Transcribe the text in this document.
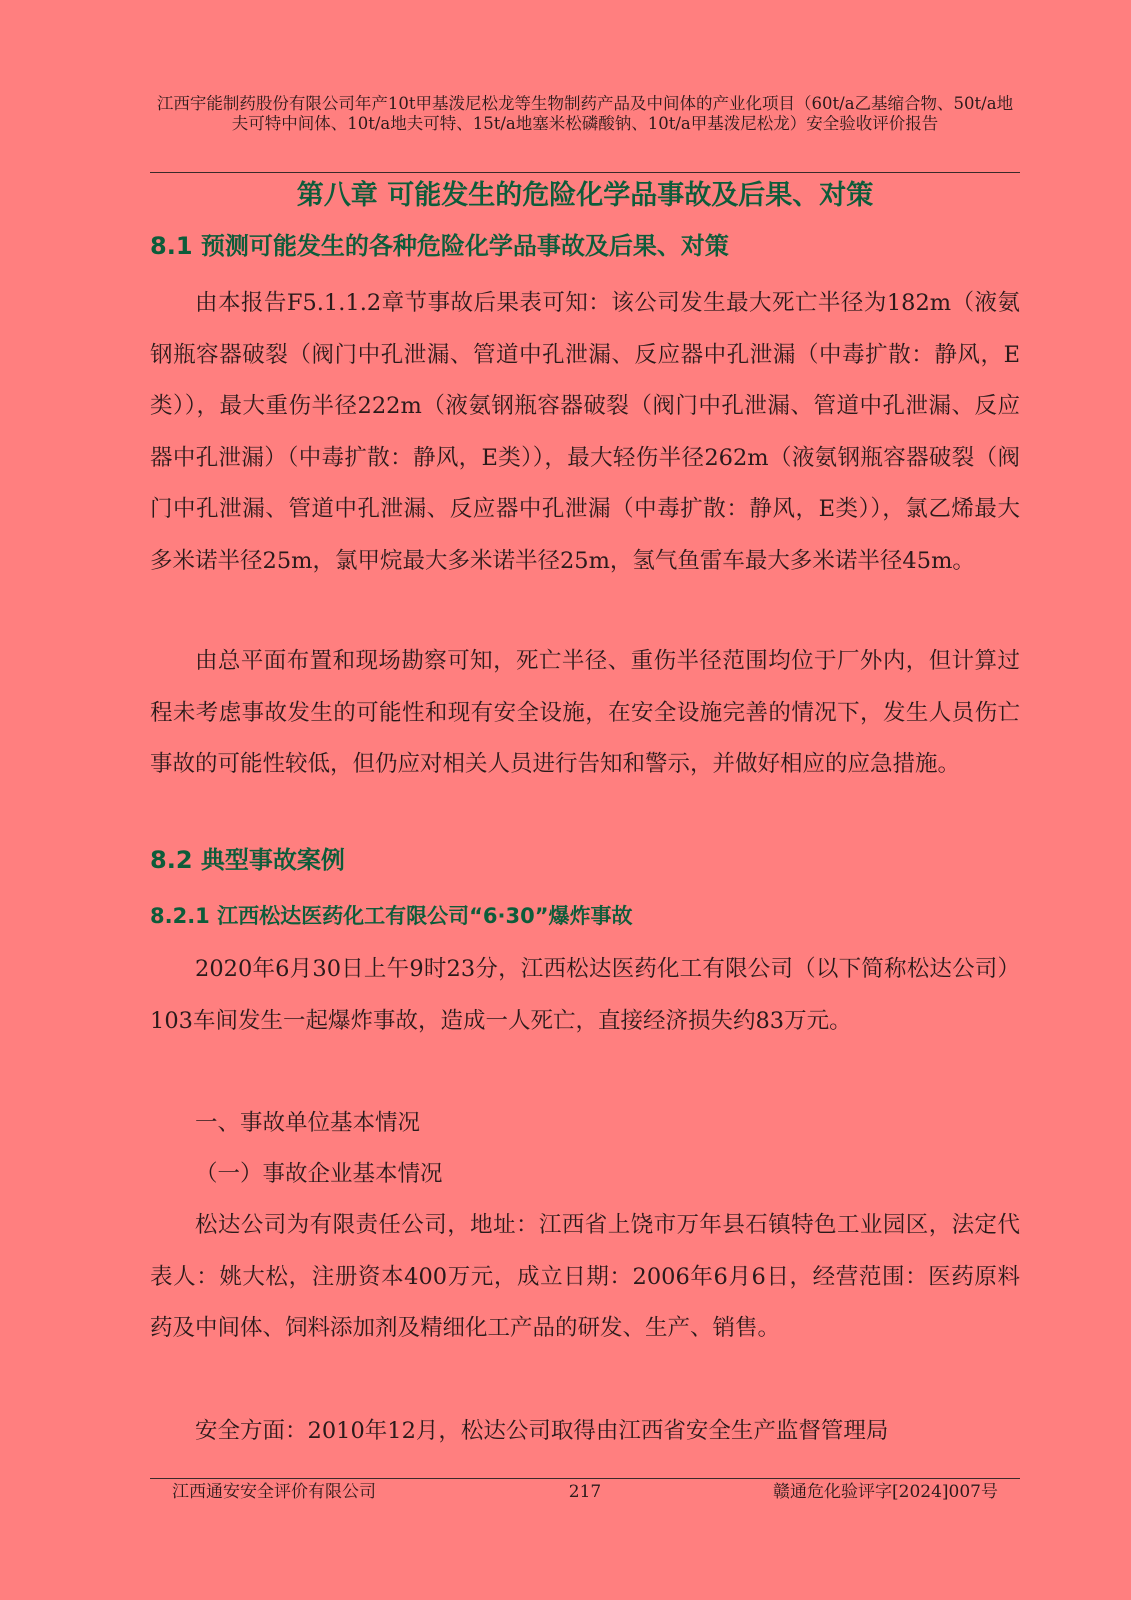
江西宇能制药股份有限公司年产10t甲基泼尼松龙等生物制药产品及中间体的产业化项目（60t/a乙基缩合物、50t/a地夫可特中间体、10t/a地夫可特、15t/a地塞米松磷酸钠、10t/a甲基泼尼松龙）安全验收评价报告
第八章 可能发生的危险化学品事故及后果、对策
8.1 预测可能发生的各种危险化学品事故及后果、对策
由本报告F5.1.1.2章节事故后果表可知：该公司发生最大死亡半径为182m（液氨钢瓶容器破裂（阀门中孔泄漏、管道中孔泄漏、反应器中孔泄漏（中毒扩散：静风，E类）），最大重伤半径222m（液氨钢瓶容器破裂（阀门中孔泄漏、管道中孔泄漏、反应器中孔泄漏）（中毒扩散：静风，E类）），最大轻伤半径262m（液氨钢瓶容器破裂（阀门中孔泄漏、管道中孔泄漏、反应器中孔泄漏（中毒扩散：静风，E类）），氯乙烯最大多米诺半径25m，氯甲烷最大多米诺半径25m，氢气鱼雷车最大多米诺半径45m。
由总平面布置和现场勘察可知，死亡半径、重伤半径范围均位于厂外内，但计算过程未考虑事故发生的可能性和现有安全设施，在安全设施完善的情况下，发生人员伤亡事故的可能性较低，但仍应对相关人员进行告知和警示，并做好相应的应急措施。
8.2 典型事故案例
8.2.1 江西松达医药化工有限公司“6·30”爆炸事故
2020年6月30日上午9时23分，江西松达医药化工有限公司（以下简称松达公司）103车间发生一起爆炸事故，造成一人死亡，直接经济损失约83万元。
一、事故单位基本情况
（一）事故企业基本情况
松达公司为有限责任公司，地址：江西省上饶市万年县石镇特色工业园区，法定代表人：姚大松，注册资本400万元，成立日期：2006年6月6日，经营范围：医药原料药及中间体、饲料添加剂及精细化工产品的研发、生产、销售。
安全方面：2010年12月，松达公司取得由江西省安全生产监督管理局
江西通安安全评价有限公司	217	赣通危化验评字[2024]007号
